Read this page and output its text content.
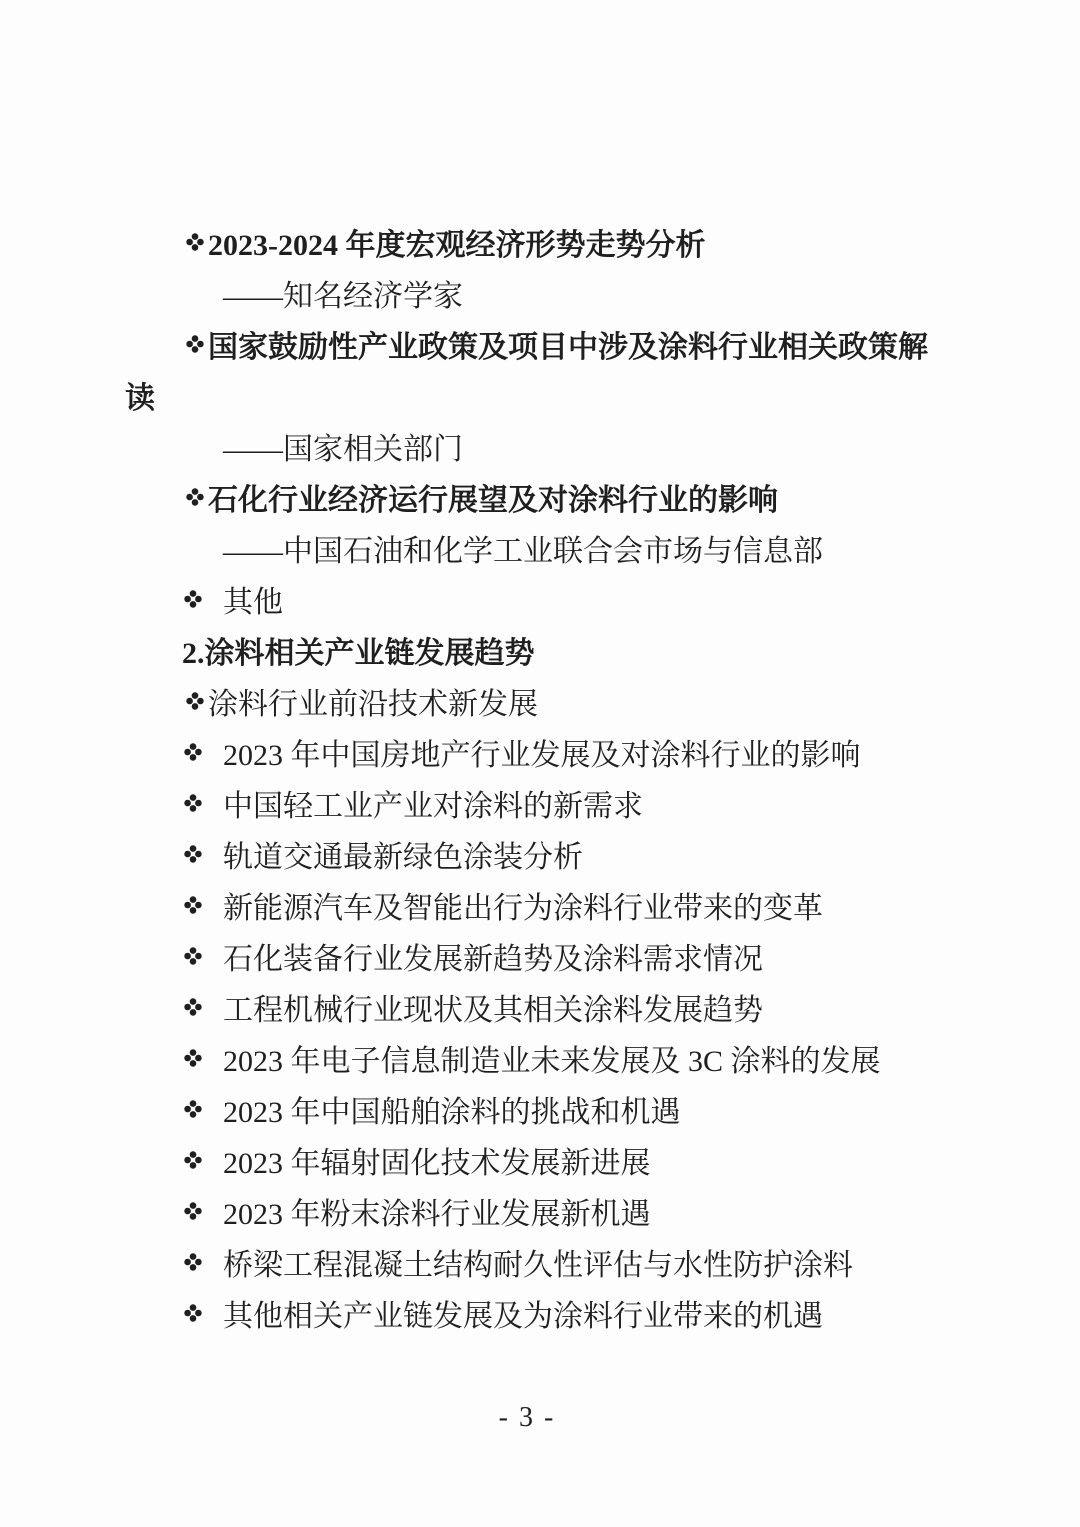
2023-2024 年度宏观经济形势走势分析
——知名经济学家
国家鼓励性产业政策及项目中涉及涂料行业相关政策解
读
——国家相关部门
石化行业经济运行展望及对涂料行业的影响
——中国石油和化学工业联合会市场与信息部
其他
2.涂料相关产业链发展趋势
涂料行业前沿技术新发展
2023 年中国房地产行业发展及对涂料行业的影响
中国轻工业产业对涂料的新需求
轨道交通最新绿色涂装分析
新能源汽车及智能出行为涂料行业带来的变革
石化装备行业发展新趋势及涂料需求情况
工程机械行业现状及其相关涂料发展趋势
2023 年电子信息制造业未来发展及 3C 涂料的发展
2023 年中国船舶涂料的挑战和机遇
2023 年辐射固化技术发展新进展
2023 年粉末涂料行业发展新机遇
桥梁工程混凝土结构耐久性评估与水性防护涂料
其他相关产业链发展及为涂料行业带来的机遇
- 3 -
